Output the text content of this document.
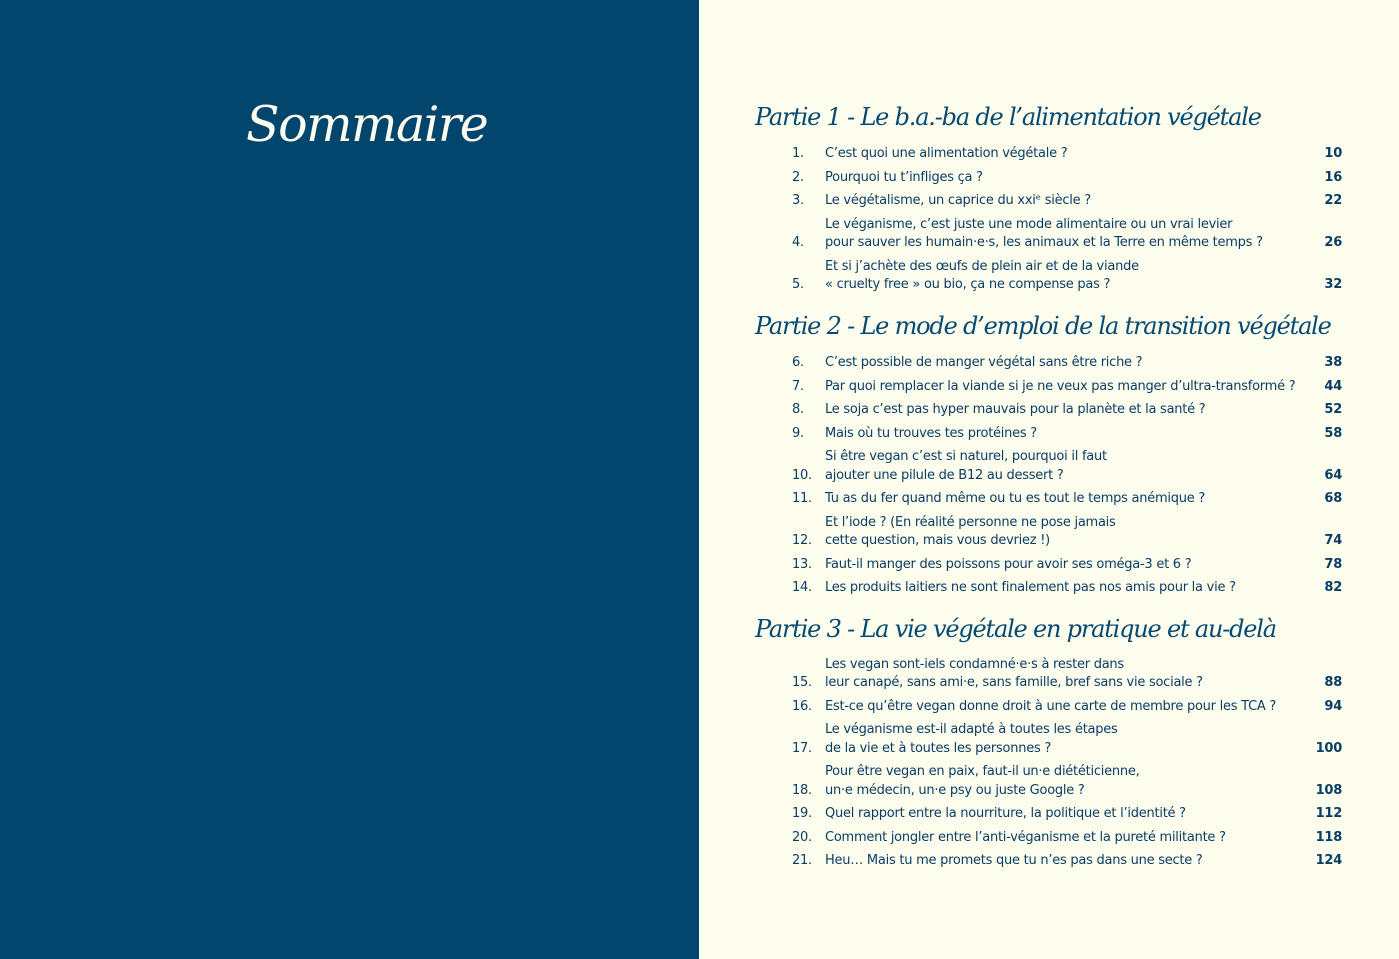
Sommaire	Partie 1 - Le b.a.-ba de l’alimentation végétale
1. C’est quoi une alimentation végétale ?	10
2. Pourquoi tu t’infliges ça ?	16
3. Le végétalisme, un caprice du xxiᵉ siècle ?	22
4.
Le véganisme, c’est juste une mode alimentaire ou un vrai levier
pour sauver les humain·e·s, les animaux et la Terre en même temps ?	26
5.
Et si j’achète des œufs de plein air et de la viande
« cruelty free » ou bio, ça ne compense pas ?	32
Partie 2 - Le mode d’emploi de la transition végétale
6. C’est possible de manger végétal sans être riche ?	38
7. Par quoi remplacer la viande si je ne veux pas manger d’ultra-transformé ? 44
8. Le soja c’est pas hyper mauvais pour la planète et la santé ?	52
9. Mais où tu trouves tes protéines ?	58
10.
Si être vegan c’est si naturel, pourquoi il faut
ajouter une pilule de B12 au dessert ?	64
11. Tu as du fer quand même ou tu es tout le temps anémique ?	68
12.
Et l’iode ? (En réalité personne ne pose jamais
cette question, mais vous devriez !)	74
13. Faut-il manger des poissons pour avoir ses oméga-3 et 6 ?	78
14. Les produits laitiers ne sont finalement pas nos amis pour la vie ?	82
Partie 3 - La vie végétale en pratique et au-delà
15.
Les vegan sont-iels condamné·e·s à rester dans
leur canapé, sans ami·e, sans famille, bref sans vie sociale ?	88
16. Est-ce qu’être vegan donne droit à une carte de membre pour les TCA ?	94
17.
Le véganisme est-il adapté à toutes les étapes
de la vie et à toutes les personnes ?	100
18.
Pour être vegan en paix, faut-il un·e diététicienne,
un·e médecin, un·e psy ou juste Google ?	108
19. Quel rapport entre la nourriture, la politique et l’identité ?	112
20. Comment jongler entre l’anti-véganisme et la pureté militante ?	118
21. Heu… Mais tu me promets que tu n’es pas dans une secte ?	124
